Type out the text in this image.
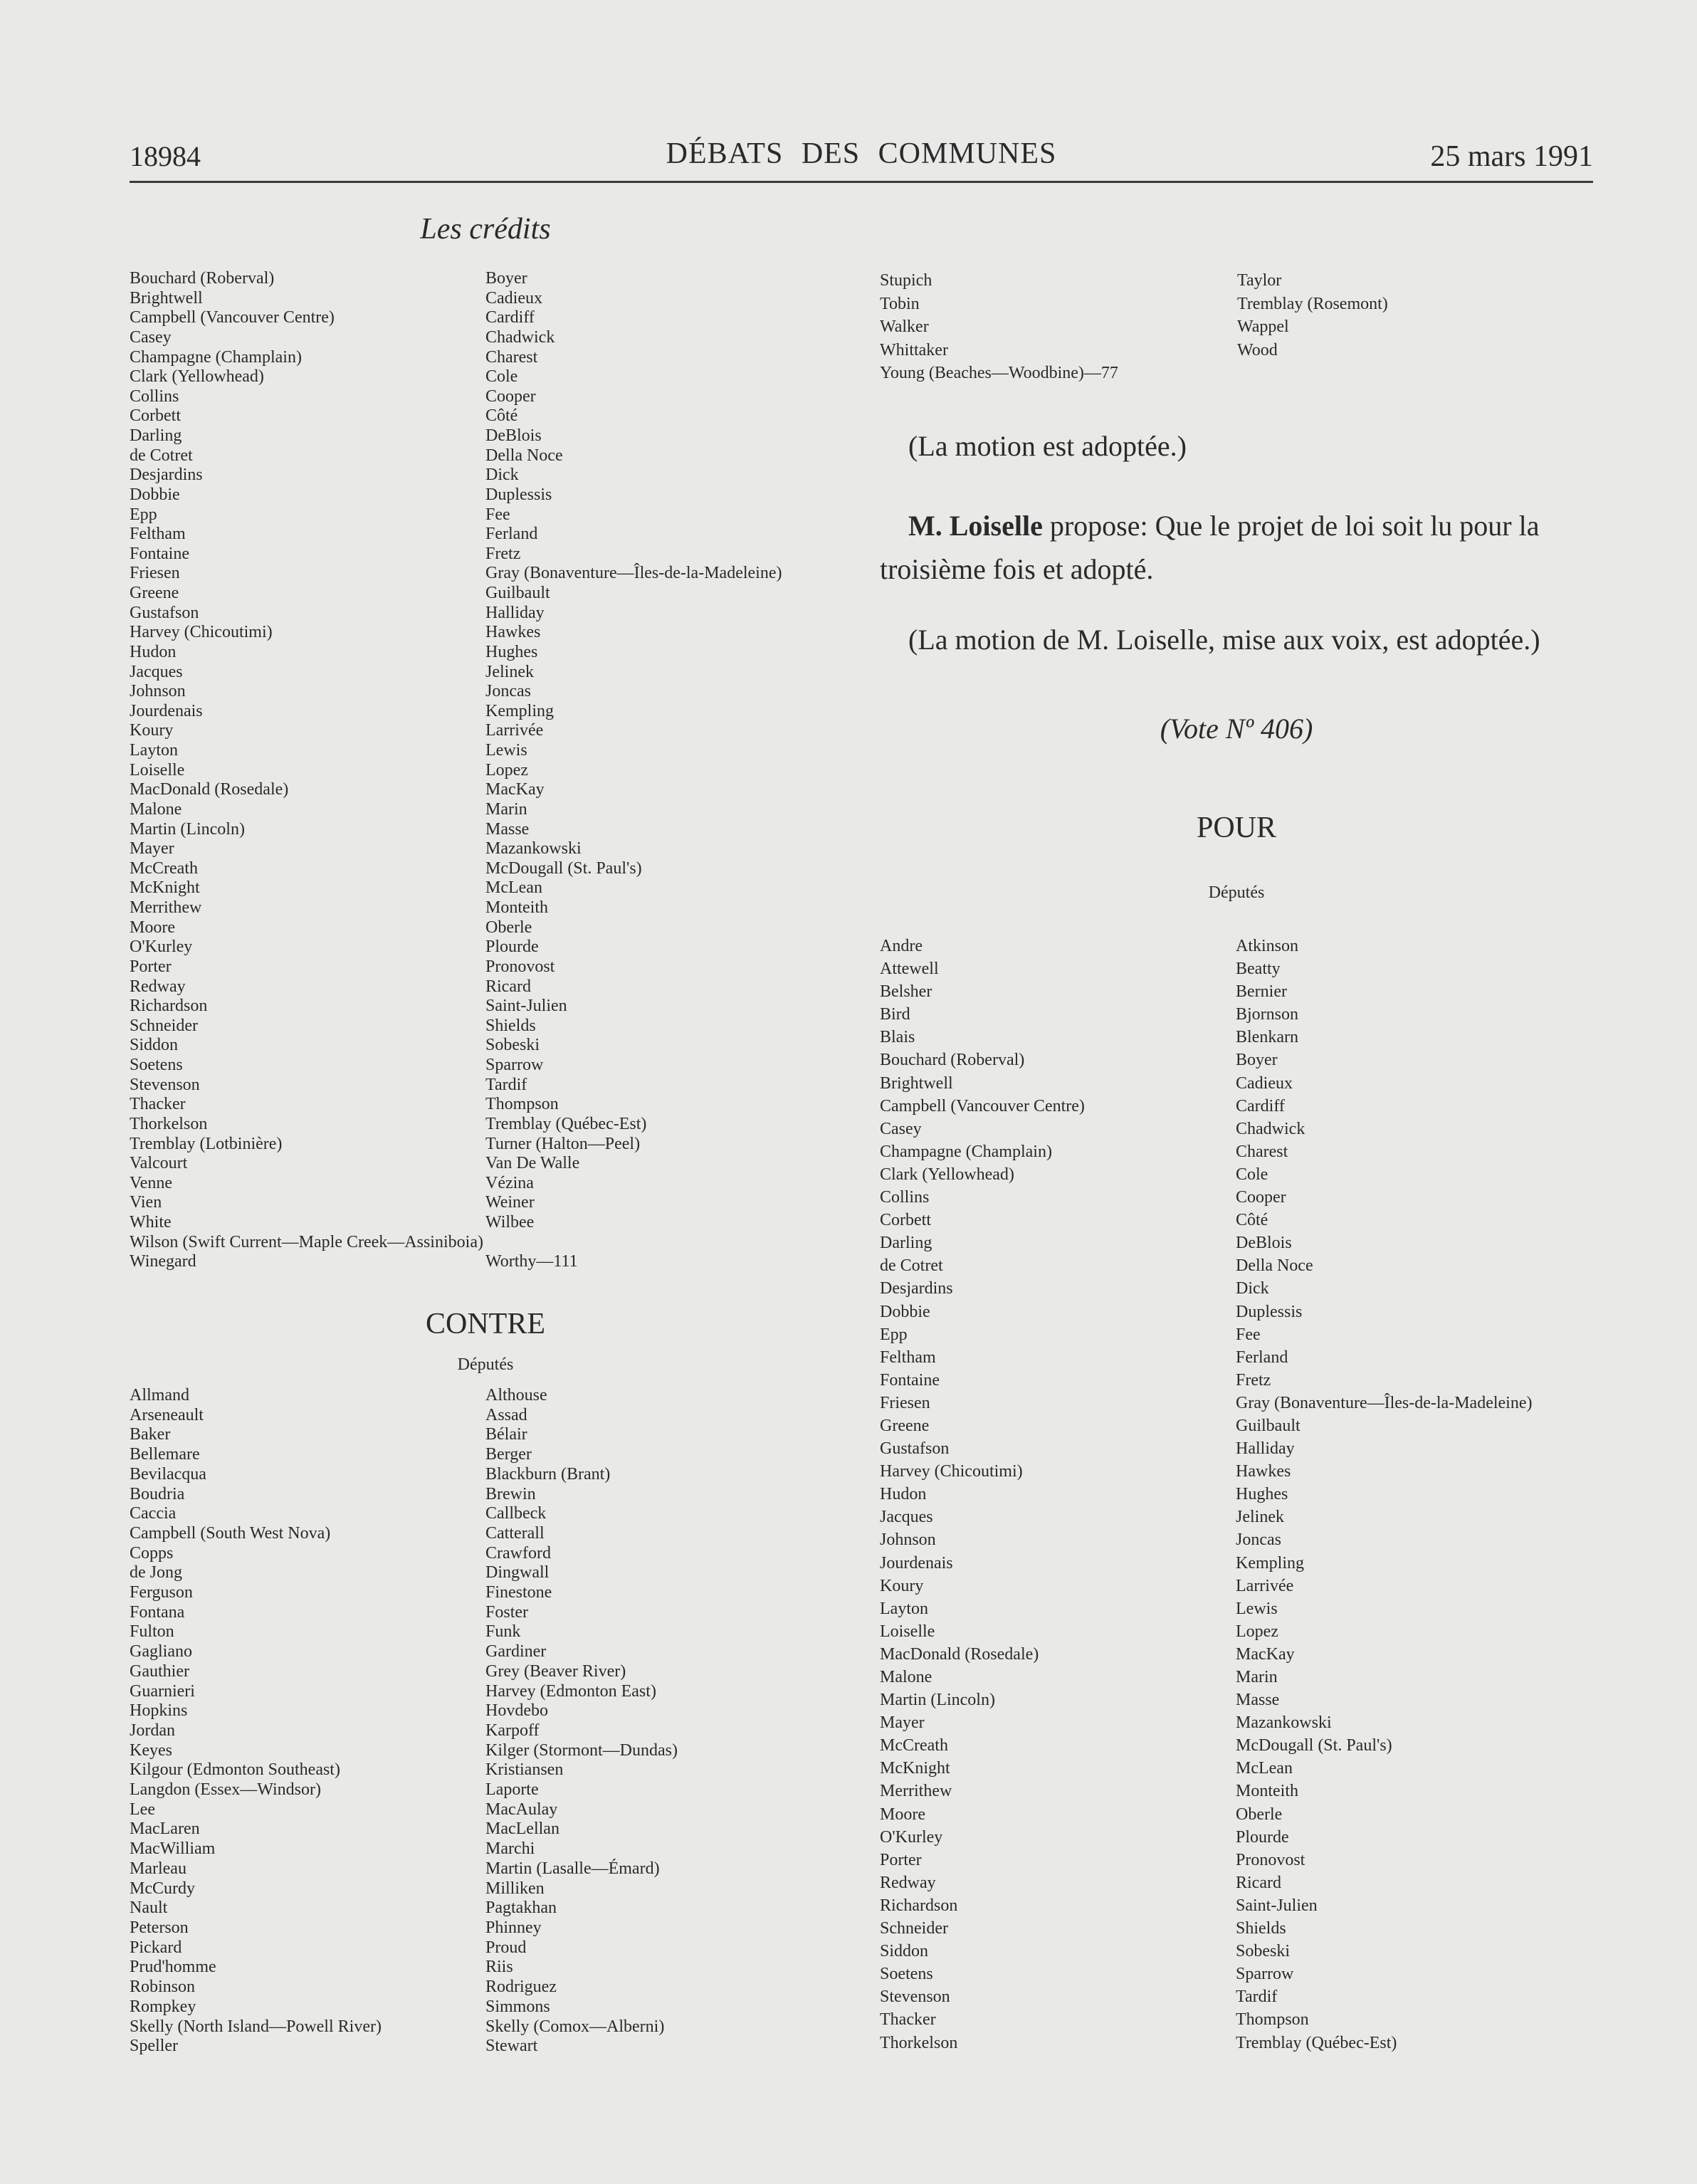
18984	DÉBATS DES COMMUNES	25 mars 1991
Les crédits
Bouchard (Roberval)
Brightwell
Campbell (Vancouver Centre)
Casey
Champagne (Champlain)
Clark (Yellowhead)
Collins
Corbett
Darling
de Cotret
Desjardins
Dobbie
Epp
Feltham
Fontaine
Friesen
Greene
Gustafson
Harvey (Chicoutimi)
Hudon
Jacques
Johnson
Jourdenais
Koury
Layton
Loiselle
MacDonald (Rosedale)
Malone
Martin (Lincoln)
Mayer
McCreath
McKnight
Merrithew
Moore
O'Kurley
Porter
Redway
Richardson
Schneider
Siddon
Soetens
Stevenson
Thacker
Thorkelson
Tremblay (Lotbinière)
Valcourt
Venne
Vien
White
Wilson (Swift Current—Maple Creek—Assiniboia)
Winegard
Boyer
Cadieux
Cardiff
Chadwick
Charest
Cole
Cooper
Côté
DeBlois
Della Noce
Dick
Duplessis
Fee
Ferland
Fretz
Gray (Bonaventure—Îles-de-la-Madeleine)
Guilbault
Halliday
Hawkes
Hughes
Jelinek
Joncas
Kempling
Larrivée
Lewis
Lopez
MacKay
Marin
Masse
Mazankowski
McDougall (St. Paul's)
McLean
Monteith
Oberle
Plourde
Pronovost
Ricard
Saint-Julien
Shields
Sobeski
Sparrow
Tardif
Thompson
Tremblay (Québec-Est)
Turner (Halton—Peel)
Van De Walle
Vézina
Weiner
Wilbee

Worthy—111
CONTRE
Députés
Allmand
Arseneault
Baker
Bellemare
Bevilacqua
Boudria
Caccia
Campbell (South West Nova)
Copps
de Jong
Ferguson
Fontana
Fulton
Gagliano
Gauthier
Guarnieri
Hopkins
Jordan
Keyes
Kilgour (Edmonton Southeast)
Langdon (Essex—Windsor)
Lee
MacLaren
MacWilliam
Marleau
McCurdy
Nault
Peterson
Pickard
Prud'homme
Robinson
Rompkey
Skelly (North Island—Powell River)
Speller
Althouse
Assad
Bélair
Berger
Blackburn (Brant)
Brewin
Callbeck
Catterall
Crawford
Dingwall
Finestone
Foster
Funk
Gardiner
Grey (Beaver River)
Harvey (Edmonton East)
Hovdebo
Karpoff
Kilger (Stormont—Dundas)
Kristiansen
Laporte
MacAulay
MacLellan
Marchi
Martin (Lasalle—Émard)
Milliken
Pagtakhan
Phinney
Proud
Riis
Rodriguez
Simmons
Skelly (Comox—Alberni)
Stewart
Stupich
Tobin
Walker
Whittaker
Young (Beaches—Woodbine)—77
Taylor
Tremblay (Rosemont)
Wappel
Wood
(La motion est adoptée.)
M. Loiselle propose: Que le projet de loi soit lu pour la troisième fois et adopté.
(La motion de M. Loiselle, mise aux voix, est adoptée.)
(Vote Nº 406)
POUR
Députés
Andre
Attewell
Belsher
Bird
Blais
Bouchard (Roberval)
Brightwell
Campbell (Vancouver Centre)
Casey
Champagne (Champlain)
Clark (Yellowhead)
Collins
Corbett
Darling
de Cotret
Desjardins
Dobbie
Epp
Feltham
Fontaine
Friesen
Greene
Gustafson
Harvey (Chicoutimi)
Hudon
Jacques
Johnson
Jourdenais
Koury
Layton
Loiselle
MacDonald (Rosedale)
Malone
Martin (Lincoln)
Mayer
McCreath
McKnight
Merrithew
Moore
O'Kurley
Porter
Redway
Richardson
Schneider
Siddon
Soetens
Stevenson
Thacker
Thorkelson
Atkinson
Beatty
Bernier
Bjornson
Blenkarn
Boyer
Cadieux
Cardiff
Chadwick
Charest
Cole
Cooper
Côté
DeBlois
Della Noce
Dick
Duplessis
Fee
Ferland
Fretz
Gray (Bonaventure—Îles-de-la-Madeleine)
Guilbault
Halliday
Hawkes
Hughes
Jelinek
Joncas
Kempling
Larrivée
Lewis
Lopez
MacKay
Marin
Masse
Mazankowski
McDougall (St. Paul's)
McLean
Monteith
Oberle
Plourde
Pronovost
Ricard
Saint-Julien
Shields
Sobeski
Sparrow
Tardif
Thompson
Tremblay (Québec-Est)
